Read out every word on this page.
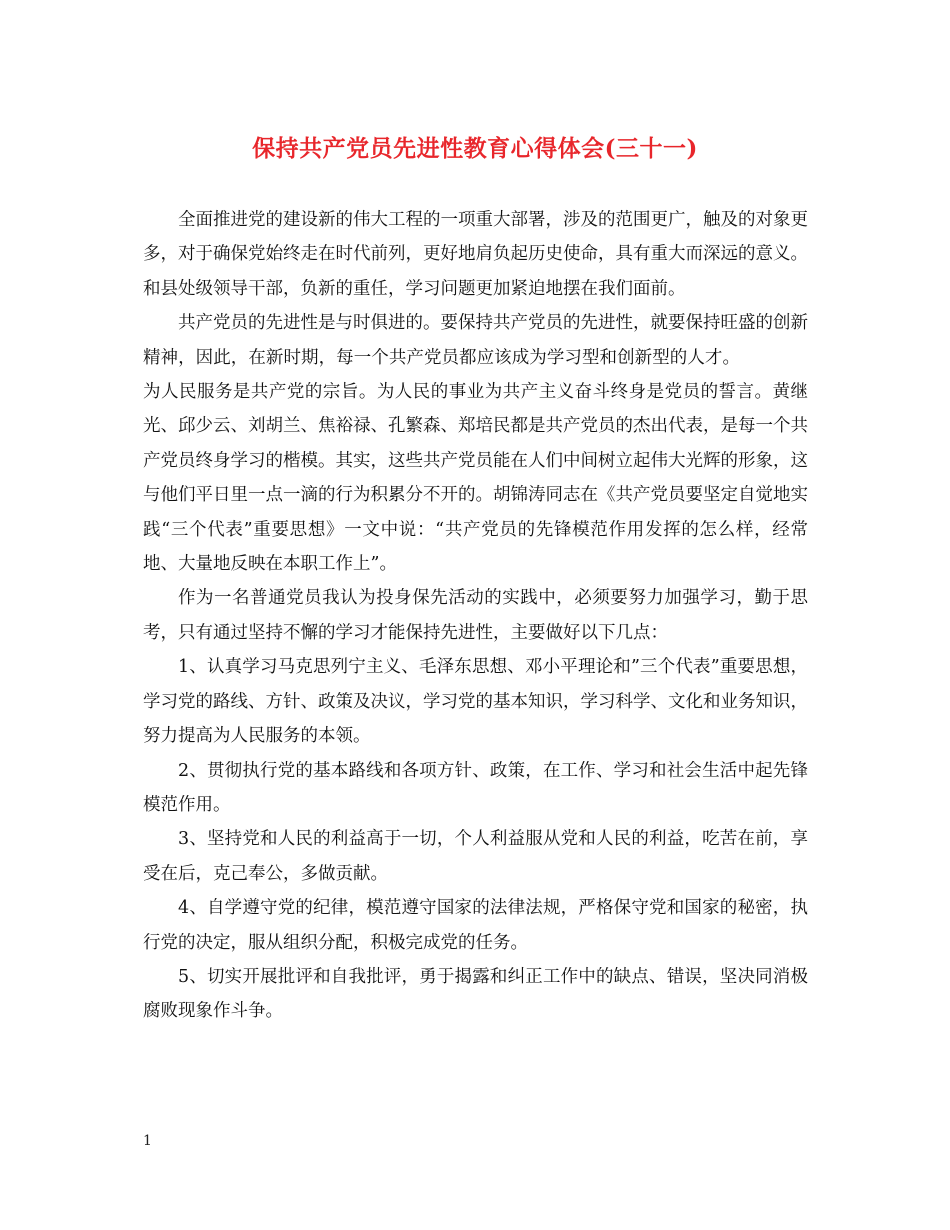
保持共产党员先进性教育心得体会(三十一)

全面推进党的建设新的伟大工程的一项重大部署，涉及的范围更广，触及的对象更多，对于确保党始终走在时代前列，更好地肩负起历史使命，具有重大而深远的意义。和县处级领导干部，负新的重任，学习问题更加紧迫地摆在我们面前。

共产党员的先进性是与时俱进的。要保持共产党员的先进性，就要保持旺盛的创新精神，因此，在新时期，每一个共产党员都应该成为学习型和创新型的人才。为人民服务是共产党的宗旨。为人民的事业为共产主义奋斗终身是党员的誓言。黄继光、邱少云、刘胡兰、焦裕禄、孔繁森、郑培民都是共产党员的杰出代表，是每一个共产党员终身学习的楷模。其实，这些共产党员能在人们中间树立起伟大光辉的形象，这与他们平日里一点一滴的行为积累分不开的。胡锦涛同志在《共产党员要坚定自觉地实践“三个代表”重要思想》一文中说：“共产党员的先锋模范作用发挥的怎么样，经常地、大量地反映在本职工作上”。

作为一名普通党员我认为投身保先活动的实践中，必须要努力加强学习，勤于思考，只有通过坚持不懈的学习才能保持先进性，主要做好以下几点：

1、认真学习马克思列宁主义、毛泽东思想、邓小平理论和”三个代表”重要思想，学习党的路线、方针、政策及决议，学习党的基本知识，学习科学、文化和业务知识，努力提高为人民服务的本领。

2、贯彻执行党的基本路线和各项方针、政策，在工作、学习和社会生活中起先锋模范作用。

3、坚持党和人民的利益高于一切，个人利益服从党和人民的利益，吃苦在前，享受在后，克己奉公，多做贡献。

4、自学遵守党的纪律，模范遵守国家的法律法规，严格保守党和国家的秘密，执行党的决定，服从组织分配，积极完成党的任务。

5、切实开展批评和自我批评，勇于揭露和纠正工作中的缺点、错误，坚决同消极腐败现象作斗争。

1
